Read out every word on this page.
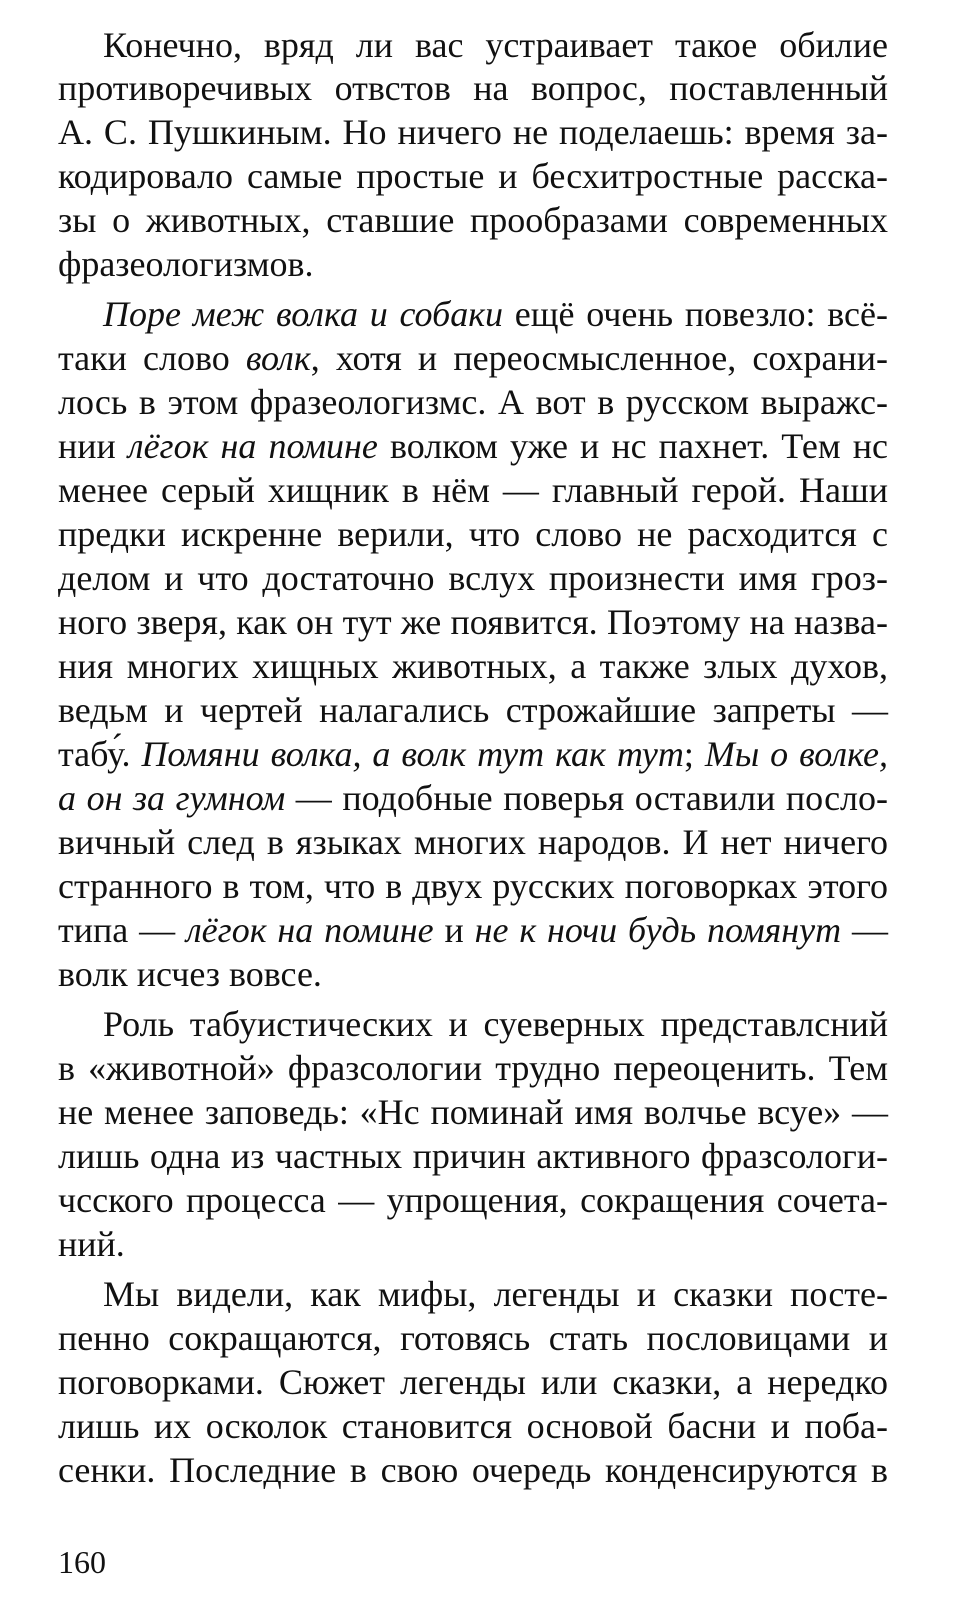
Конечно, вряд ли вас устраивает такое обилие
противоречивых отвстов на вопрос, поставленный
А. С. Пушкиным. Но ничего не поделаешь: время за-
кодировало самые простые и бесхитростные расска-
зы о животных, ставшие прообразами современных
фразеологизмов.
Поре меж волка и собаки ещё очень повезло: всё-
таки слово волк, хотя и переосмысленное, сохрани-
лось в этом фразеологизмс. А вот в русском выражс-
нии лёгок на помине волком уже и нс пахнет. Тем нс
менее серый хищник в нём — главный герой. Наши
предки искренне верили, что слово не расходится с
делом и что достаточно вслух произнести имя гроз-
ного зверя, как он тут же появится. Поэтому на назва-
ния многих хищных животных, а также злых духов,
ведьм и чертей налагались строжайшие запреты —
табу́. Помяни волка, а волк тут как тут; Мы о волке,
а он за гумном — подобные поверья оставили посло-
вичный след в языках многих народов. И нет ничего
странного в том, что в двух русских поговорках этого
типа — лёгок на помине и не к ночи будь помянут —
волк исчез вовсе.
Роль табуистических и суеверных представлсний
в «животной» фразсологии трудно переоценить. Тем
не менее заповедь: «Нс поминай имя волчье всуе» —
лишь одна из частных причин активного фразсологи-
чсского процесса — упрощения, сокращения сочета-
ний.
Мы видели, как мифы, легенды и сказки посте-
пенно сокращаются, готовясь стать пословицами и
поговорками. Сюжет легенды или сказки, а нередко
лишь их осколок становится основой басни и поба-
сенки. Последние в свою очередь конденсируются в
160
